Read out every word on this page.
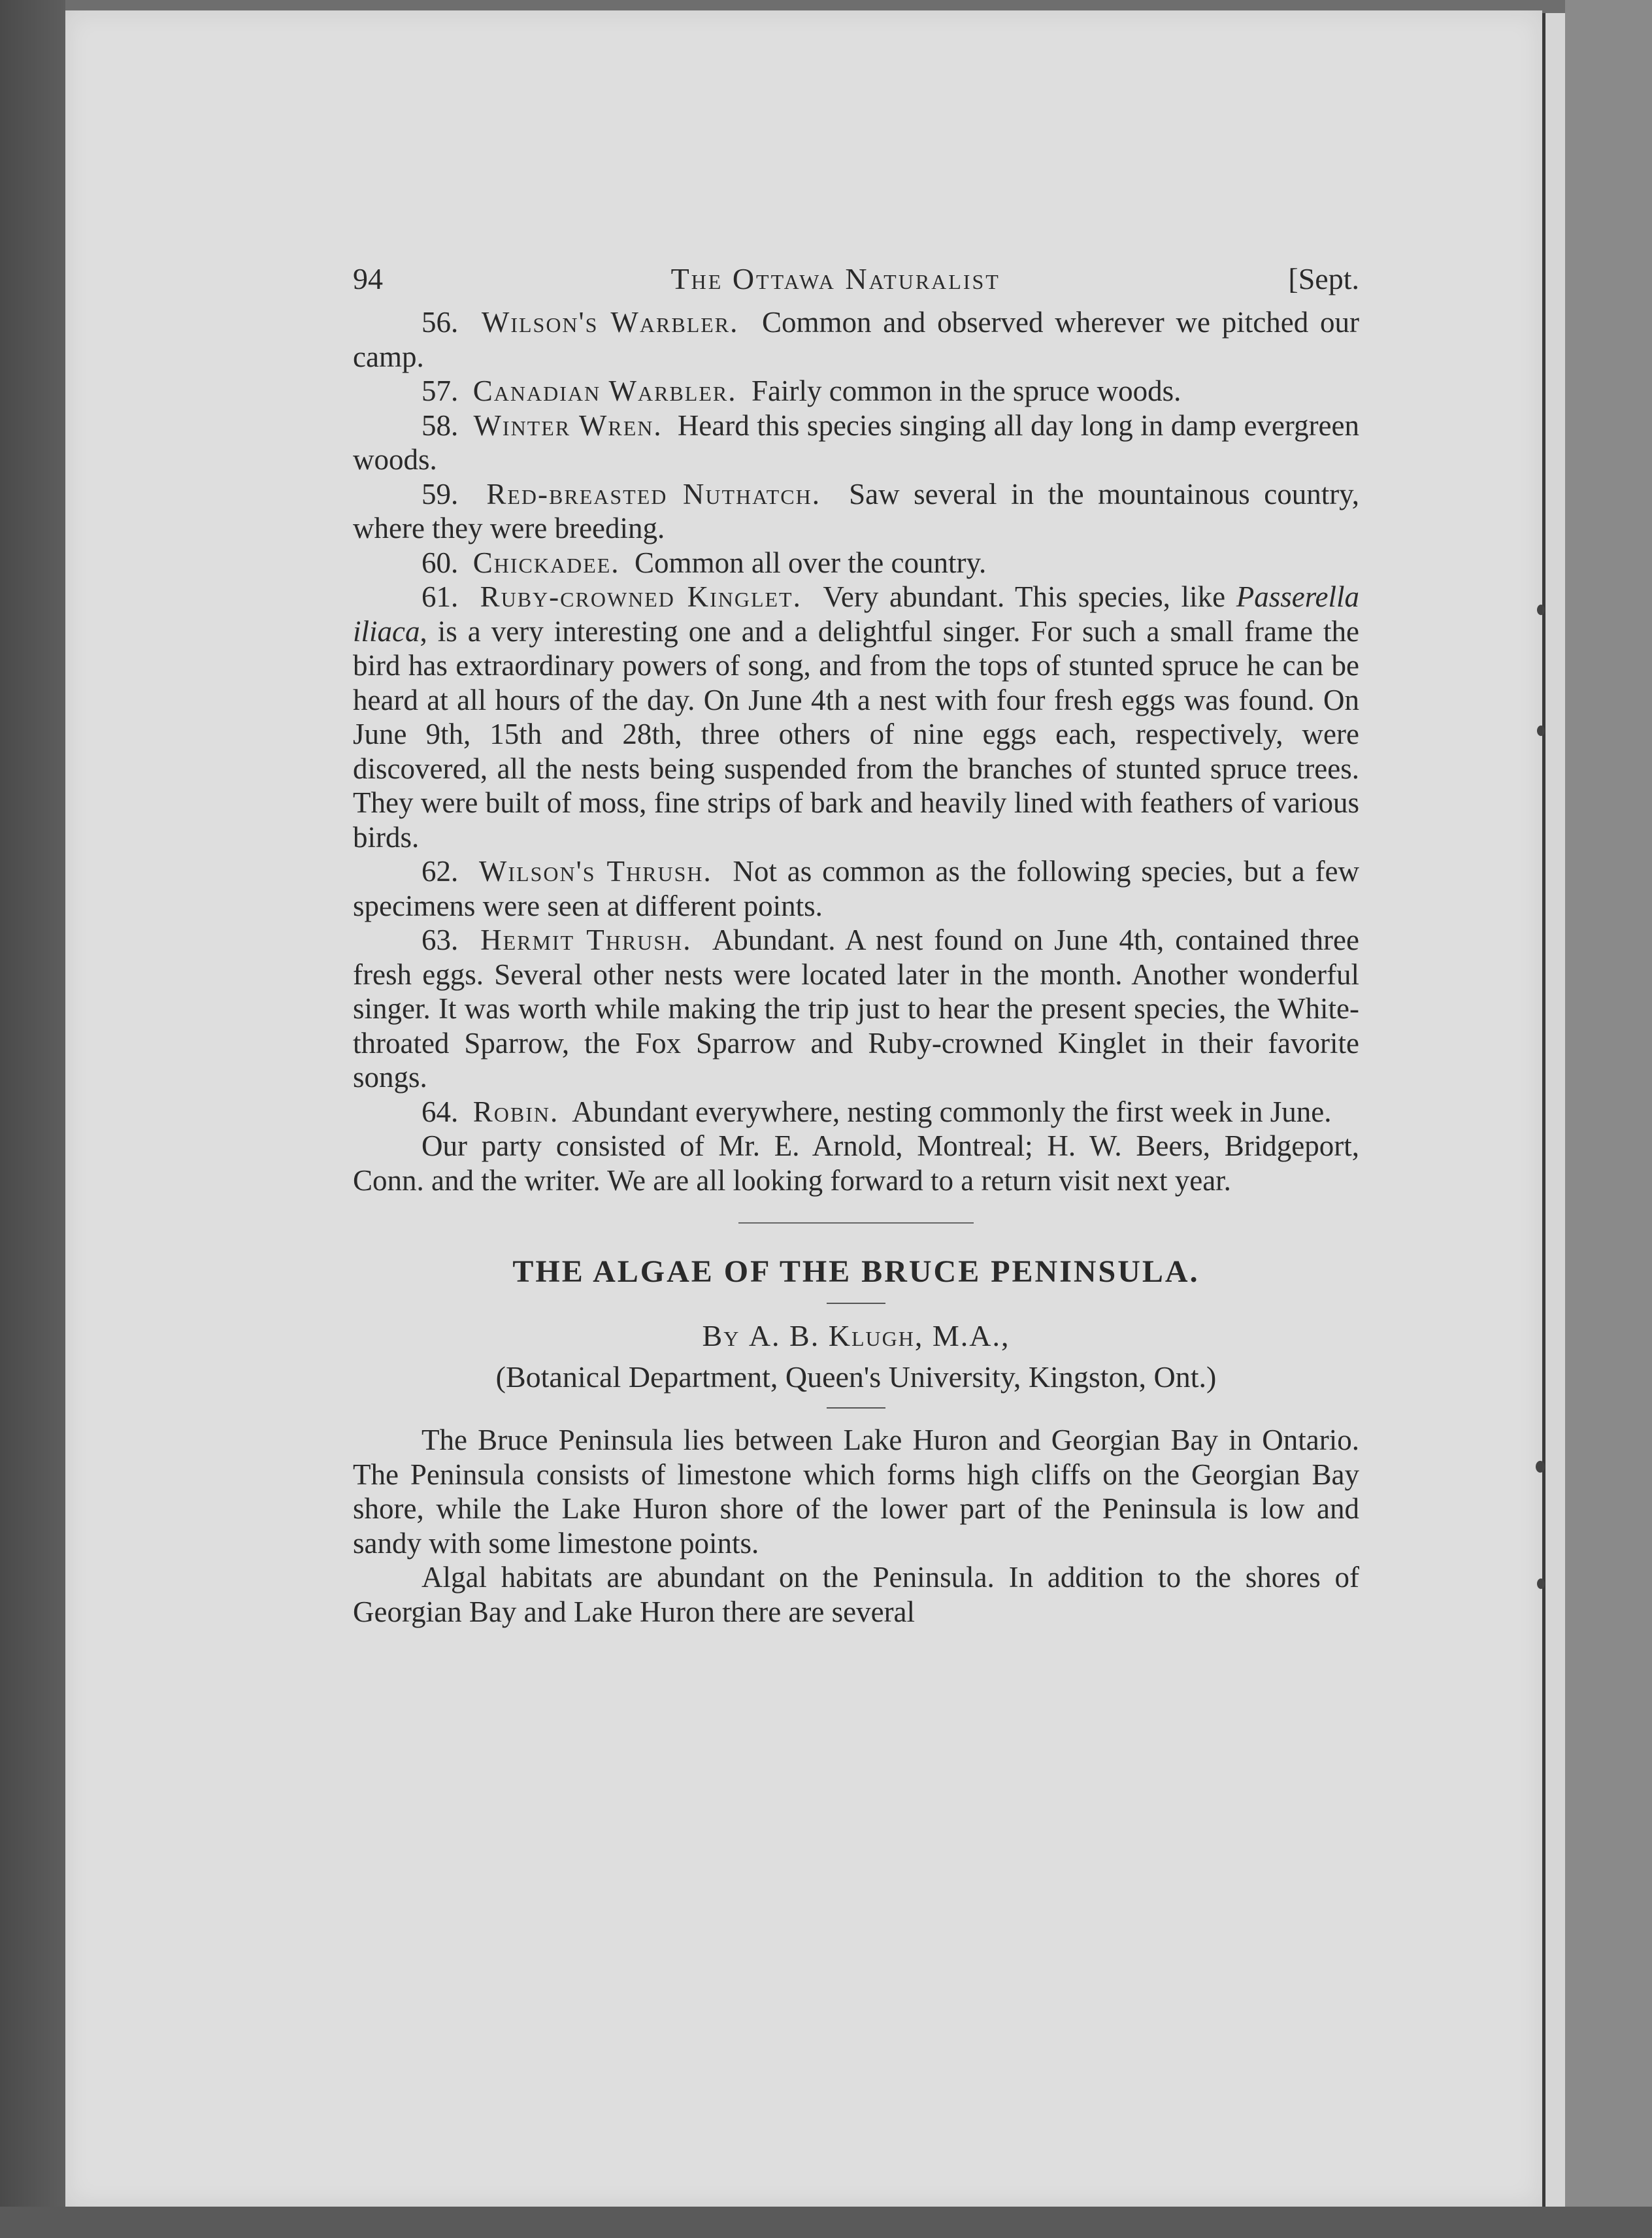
94	The Ottawa Naturalist	[Sept.

56. Wilson's Warbler. Common and observed wherever we pitched our camp.

57. Canadian Warbler. Fairly common in the spruce woods.

58. Winter Wren. Heard this species singing all day long in damp evergreen woods.

59. Red-breasted Nuthatch. Saw several in the mountainous country, where they were breeding.

60. Chickadee. Common all over the country.

61. Ruby-crowned Kinglet. Very abundant. This species, like Passerella iliaca, is a very interesting one and a delightful singer. For such a small frame the bird has extraordinary powers of song, and from the tops of stunted spruce he can be heard at all hours of the day. On June 4th a nest with four fresh eggs was found. On June 9th, 15th and 28th, three others of nine eggs each, respectively, were discovered, all the nests being suspended from the branches of stunted spruce trees. They were built of moss, fine strips of bark and heavily lined with feathers of various birds.

62. Wilson's Thrush. Not as common as the following species, but a few specimens were seen at different points.

63. Hermit Thrush. Abundant. A nest found on June 4th, contained three fresh eggs. Several other nests were located later in the month. Another wonderful singer. It was worth while making the trip just to hear the present species, the White-throated Sparrow, the Fox Sparrow and Ruby-crowned Kinglet in their favorite songs.

64. Robin. Abundant everywhere, nesting commonly the first week in June.

Our party consisted of Mr. E. Arnold, Montreal; H. W. Beers, Bridgeport, Conn. and the writer. We are all looking forward to a return visit next year.

THE ALGAE OF THE BRUCE PENINSULA.

By A. B. Klugh, M.A.,

(Botanical Department, Queen's University, Kingston, Ont.)

The Bruce Peninsula lies between Lake Huron and Georgian Bay in Ontario. The Peninsula consists of limestone which forms high cliffs on the Georgian Bay shore, while the Lake Huron shore of the lower part of the Peninsula is low and sandy with some limestone points.

Algal habitats are abundant on the Peninsula. In addition to the shores of Georgian Bay and Lake Huron there are several
